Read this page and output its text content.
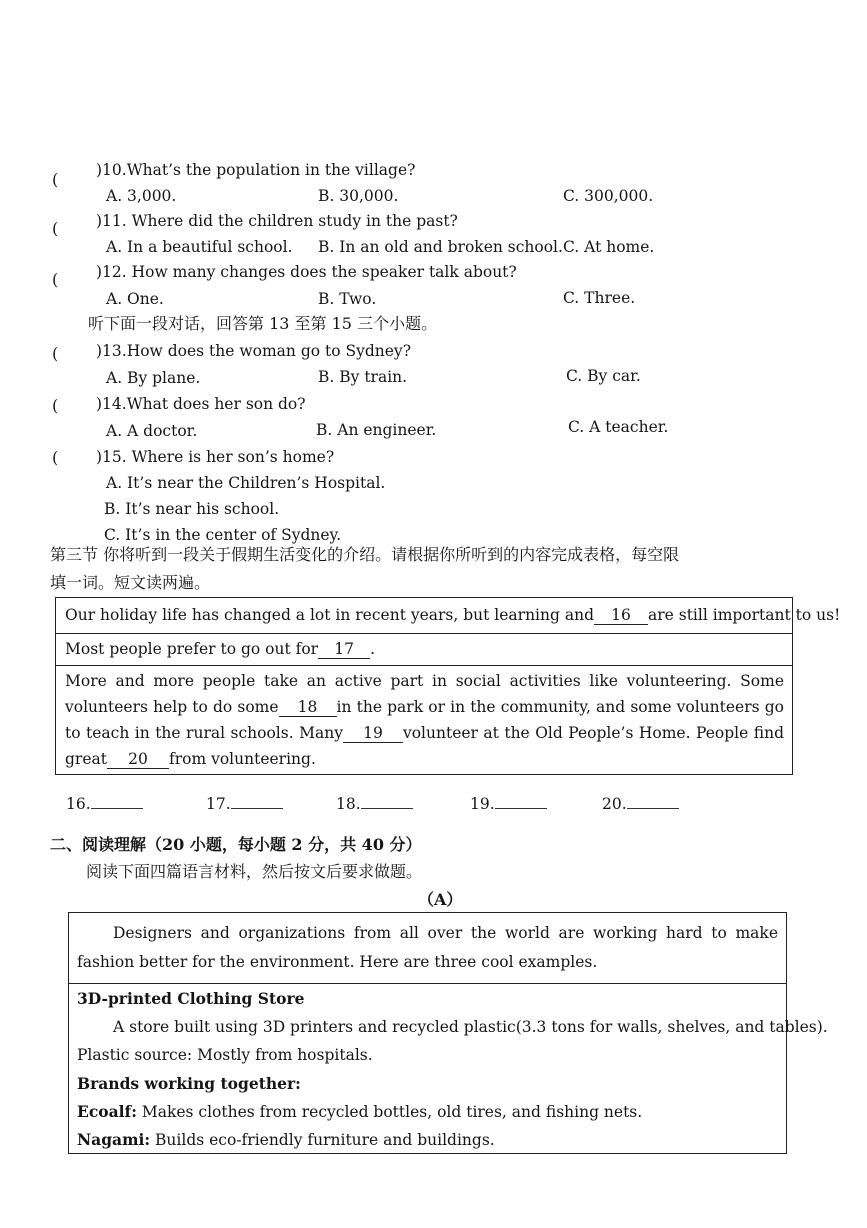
( )10.What’s the population in the village?
A. 3,000.	B. 30,000.	C. 300,000.
( )11. Where did the children study in the past?
A. In a beautiful school. B. In an old and broken school. C. At home.
( )12. How many changes does the speaker talk about?
A. One.	B. Two.	C. Three.
听下面一段对话，回答第 13 至第 15 三个小题。
( )13.How does the woman go to Sydney?
A. By plane.	B. By train.	C. By car.
( )14.What does her son do?
A. A doctor.	B. An engineer.	C. A teacher.
( )15. Where is her son’s home?
A. It’s near the Children’s Hospital.
B. It’s near his school.
C. It’s in the center of Sydney.
第三节 你将听到一段关于假期生活变化的介绍。请根据你所听到的内容完成表格，每空限
填一词。短文读两遍。
Our holiday life has changed a lot in recent years, but learning and 16 are still important to us!
Most people prefer to go out for 17 .
More and more people take an active part in social activities like volunteering. Some volunteers help to do some 18 in the park or in the community, and some volunteers go to teach in the rural schools. Many 19 volunteer at the Old People’s Home. People find great 20 from volunteering.
16.	17.	18.	19.	20.
二、阅读理解（20 小题，每小题 2 分，共 40 分）
阅读下面四篇语言材料，然后按文后要求做题。
（A）
Designers and organizations from all over the world are working hard to make fashion better for the environment. Here are three cool examples.
3D-printed Clothing Store
A store built using 3D printers and recycled plastic(3.3 tons for walls, shelves, and tables).
Plastic source: Mostly from hospitals.
Brands working together:
Ecoalf: Makes clothes from recycled bottles, old tires, and fishing nets.
Nagami: Builds eco-friendly furniture and buildings.
